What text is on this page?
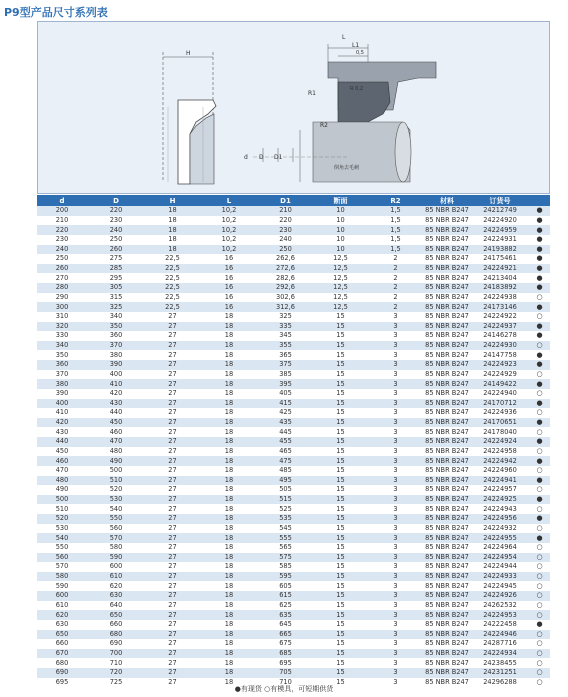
P9型产品尺寸系列表
H
L
L1
0,5
R1
R2
d D D1
R 0,2
倒角去毛刺
d	D	H	L	D1	断面	R2	材料	订货号	
200	220	18	10,2	210	10	1,5	85 NBR B247	24212749	●
210	230	18	10,2	220	10	1,5	85 NBR B247	24224920	●
220	240	18	10,2	230	10	1,5	85 NBR B247	24224959	●
230	250	18	10,2	240	10	1,5	85 NBR B247	24224931	●
240	260	18	10,2	250	10	1,5	85 NBR B247	24193882	●
250	275	22,5	16	262,6	12,5	2	85 NBR B247	24175461	●
260	285	22,5	16	272,6	12,5	2	85 NBR B247	24224921	●
270	295	22,5	16	282,6	12,5	2	85 NBR B247	24213404	●
280	305	22,5	16	292,6	12,5	2	85 NBR B247	24183892	●
290	315	22,5	16	302,6	12,5	2	85 NBR B247	24224938	○
300	325	22,5	16	312,6	12,5	2	85 NBR B247	24173146	●
310	340	27	18	325	15	3	85 NBR B247	24224922	○
320	350	27	18	335	15	3	85 NBR B247	24224937	●
330	360	27	18	345	15	3	85 NBR B247	24146278	●
340	370	27	18	355	15	3	85 NBR B247	24224930	○
350	380	27	18	365	15	3	85 NBR B247	24147758	●
360	390	27	18	375	15	3	85 NBR B247	24224923	●
370	400	27	18	385	15	3	85 NBR B247	24224929	○
380	410	27	18	395	15	3	85 NBR B247	24149422	●
390	420	27	18	405	15	3	85 NBR B247	24224940	○
400	430	27	18	415	15	3	85 NBR B247	24170712	●
410	440	27	18	425	15	3	85 NBR B247	24224936	○
420	450	27	18	435	15	3	85 NBR B247	24170651	●
430	460	27	18	445	15	3	85 NBR B247	24178040	○
440	470	27	18	455	15	3	85 NBR B247	24224924	●
450	480	27	18	465	15	3	85 NBR B247	24224958	○
460	490	27	18	475	15	3	85 NBR B247	24224942	●
470	500	27	18	485	15	3	85 NBR B247	24224960	○
480	510	27	18	495	15	3	85 NBR B247	24224941	●
490	520	27	18	505	15	3	85 NBR B247	24224957	○
500	530	27	18	515	15	3	85 NBR B247	24224925	●
510	540	27	18	525	15	3	85 NBR B247	24224943	○
520	550	27	18	535	15	3	85 NBR B247	24224956	●
530	560	27	18	545	15	3	85 NBR B247	24224932	○
540	570	27	18	555	15	3	85 NBR B247	24224955	●
550	580	27	18	565	15	3	85 NBR B247	24224964	○
560	590	27	18	575	15	3	85 NBR B247	24224954	○
570	600	27	18	585	15	3	85 NBR B247	24224944	○
580	610	27	18	595	15	3	85 NBR B247	24224933	○
590	620	27	18	605	15	3	85 NBR B247	24224945	○
600	630	27	18	615	15	3	85 NBR B247	24224926	○
610	640	27	18	625	15	3	85 NBR B247	24262532	○
620	650	27	18	635	15	3	85 NBR B247	24224953	○
630	660	27	18	645	15	3	85 NBR B247	24222458	●
650	680	27	18	665	15	3	85 NBR B247	24224946	○
660	690	27	18	675	15	3	85 NBR B247	24287716	○
670	700	27	18	685	15	3	85 NBR B247	24224934	○
680	710	27	18	695	15	3	85 NBR B247	24238455	○
690	720	27	18	705	15	3	85 NBR B247	24231251	○
695	725	27	18	710	15	3	85 NBR B247	24296288	○
●有现货 ○有模具，可短期供货
